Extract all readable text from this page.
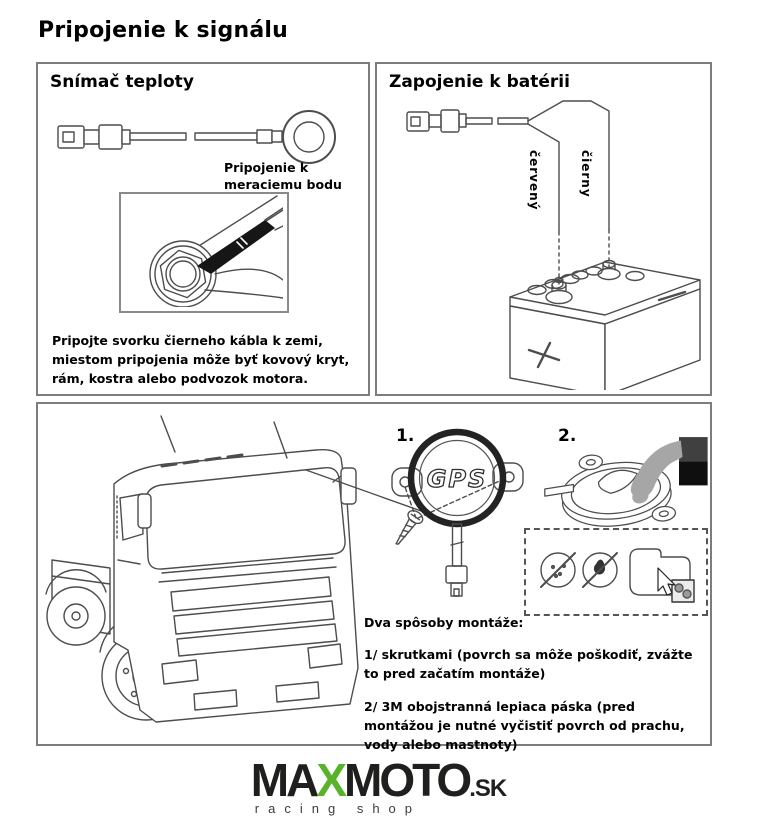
Pripojenie k signálu
Snímač teploty
Pripojenie k meraciemu bodu
Pripojte svorku čierneho kábla k zemi, miestom pripojenia môže byť kovový kryt, rám, kostra alebo podvozok motora.
Zapojenie k batérii
červený	čierny
1.	2.
GPS
Dva spôsoby montáže:
1/ skrutkami (povrch sa môže poškodiť, zvážte to pred začatím montáže)
2/ 3M obojstranná lepiaca páska (pred montážou je nutné vyčistiť povrch od prachu, vody alebo mastnoty)
MAXMOTO.SK
racing shop
